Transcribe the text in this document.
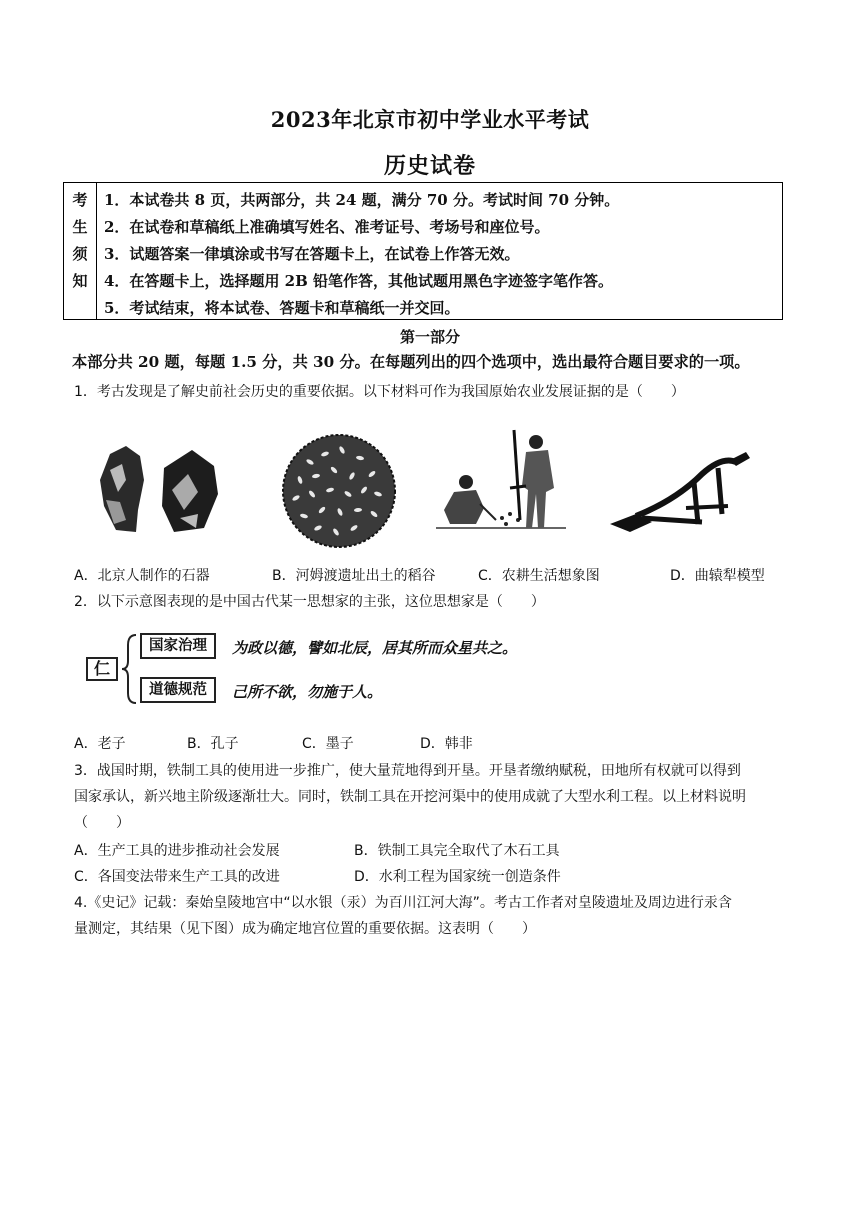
2023年北京市初中学业水平考试
历史试卷
考
生
须
知
1．本试卷共 8 页，共两部分，共 24 题，满分 70 分。考试时间 70 分钟。
2．在试卷和草稿纸上准确填写姓名、准考证号、考场号和座位号。
3．试题答案一律填涂或书写在答题卡上，在试卷上作答无效。
4．在答题卡上，选择题用 2B 铅笔作答，其他试题用黑色字迹签字笔作答。
5．考试结束，将本试卷、答题卡和草稿纸一并交回。
第一部分
本部分共 20 题，每题 1.5 分，共 30 分。在每题列出的四个选项中，选出最符合题目要求的一项。
1．考古发现是了解史前社会历史的重要依据。以下材料可作为我国原始农业发展证据的是（　　）
A．北京人制作的石器	B．河姆渡遗址出土的稻谷	C．农耕生活想象图	D．曲辕犁模型
2．以下示意图表现的是中国古代某一思想家的主张，这位思想家是（　　）
仁
国家治理	为政以德，譬如北辰，居其所而众星共之。
道德规范	己所不欲，勿施于人。
A．老子	B．孔子	C．墨子	D．韩非
3．战国时期，铁制工具的使用进一步推广，使大量荒地得到开垦。开垦者缴纳赋税，田地所有权就可以得到
国家承认，新兴地主阶级逐渐壮大。同时，铁制工具在开挖河渠中的使用成就了大型水利工程。以上材料说明
（　　）
A．生产工具的进步推动社会发展	B．铁制工具完全取代了木石工具
C．各国变法带来生产工具的改进	D．水利工程为国家统一创造条件
4.《史记》记载：秦始皇陵地宫中“以水银（汞）为百川江河大海”。考古工作者对皇陵遗址及周边进行汞含
量测定，其结果（见下图）成为确定地宫位置的重要依据。这表明（　　）
